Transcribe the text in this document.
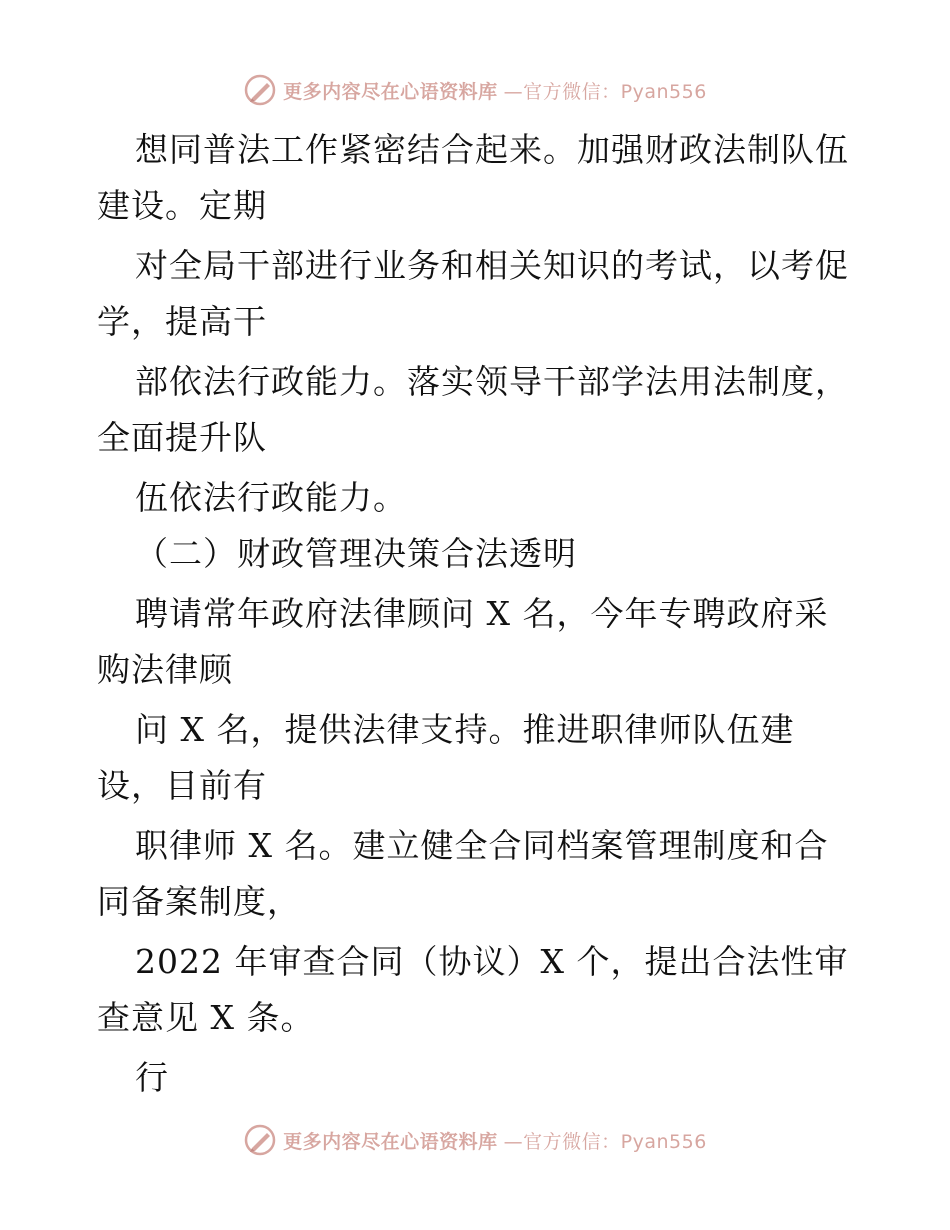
更多内容尽在心语资料库 —官方微信：Pyan556
想同普法工作紧密结合起来。加强财政法制队伍
建设。定期
对全局干部进行业务和相关知识的考试，以考促
学，提高干
部依法行政能力。落实领导干部学法用法制度，
全面提升队
伍依法行政能力。
（二）财政管理决策合法透明
聘请常年政府法律顾问 X 名，今年专聘政府采
购法律顾
问 X 名，提供法律支持。推进职律师队伍建
设，目前有
职律师 X 名。建立健全合同档案管理制度和合
同备案制度，
2022 年审查合同（协议）X 个，提出合法性审
查意见 X 条。
行
更多内容尽在心语资料库 —官方微信：Pyan556
